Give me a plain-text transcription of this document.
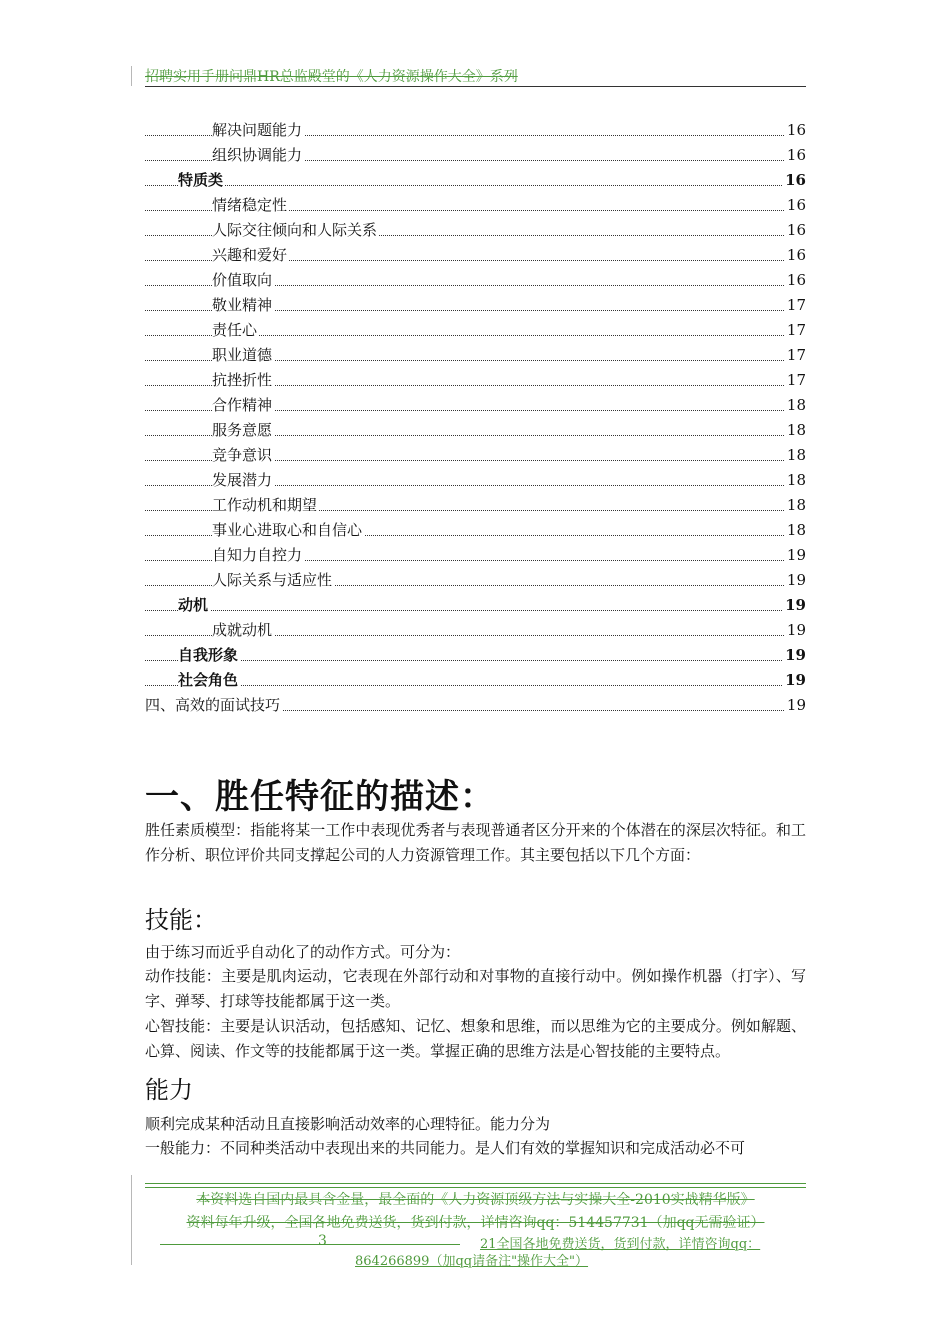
招聘实用手册问鼎HR总监殿堂的《人力资源操作大全》系列
解决问题能力	16
组织协调能力	16
特质类	16
情绪稳定性	16
人际交往倾向和人际关系	16
兴趣和爱好	16
价值取向	16
敬业精神	17
责任心	17
职业道德	17
抗挫折性	17
合作精神	18
服务意愿	18
竞争意识	18
发展潜力	18
工作动机和期望	18
事业心进取心和自信心	18
自知力自控力	19
人际关系与适应性	19
动机	19
成就动机	19
自我形象	19
社会角色	19
四、高效的面试技巧	19
一、胜任特征的描述：
胜任素质模型：指能将某一工作中表现优秀者与表现普通者区分开来的个体潜在的深层次特征。和工作分析、职位评价共同支撑起公司的人力资源管理工作。其主要包括以下几个方面：
技能：
由于练习而近乎自动化了的动作方式。可分为：
动作技能：主要是肌肉运动，它表现在外部行动和对事物的直接行动中。例如操作机器（打字）、写字、弹琴、打球等技能都属于这一类。
心智技能：主要是认识活动，包括感知、记忆、想象和思维，而以思维为它的主要成分。例如解题、心算、阅读、作文等的技能都属于这一类。掌握正确的思维方法是心智技能的主要特点。
能力
顺利完成某种活动且直接影响活动效率的心理特征。能力分为
一般能力：不同种类活动中表现出来的共同能力。是人们有效的掌握知识和完成活动必不可
本资料选自国内最具含金量，最全面的《人力资源顶级方法与实操大全-2010实战精华版》
资料每年升级，全国各地免费送货，货到付款，详情咨询qq：514457731（加qq无需验证）
3	21全国各地免费送货，货到付款，详情咨询qq：
864266899（加qq请备注"操作大全"）
